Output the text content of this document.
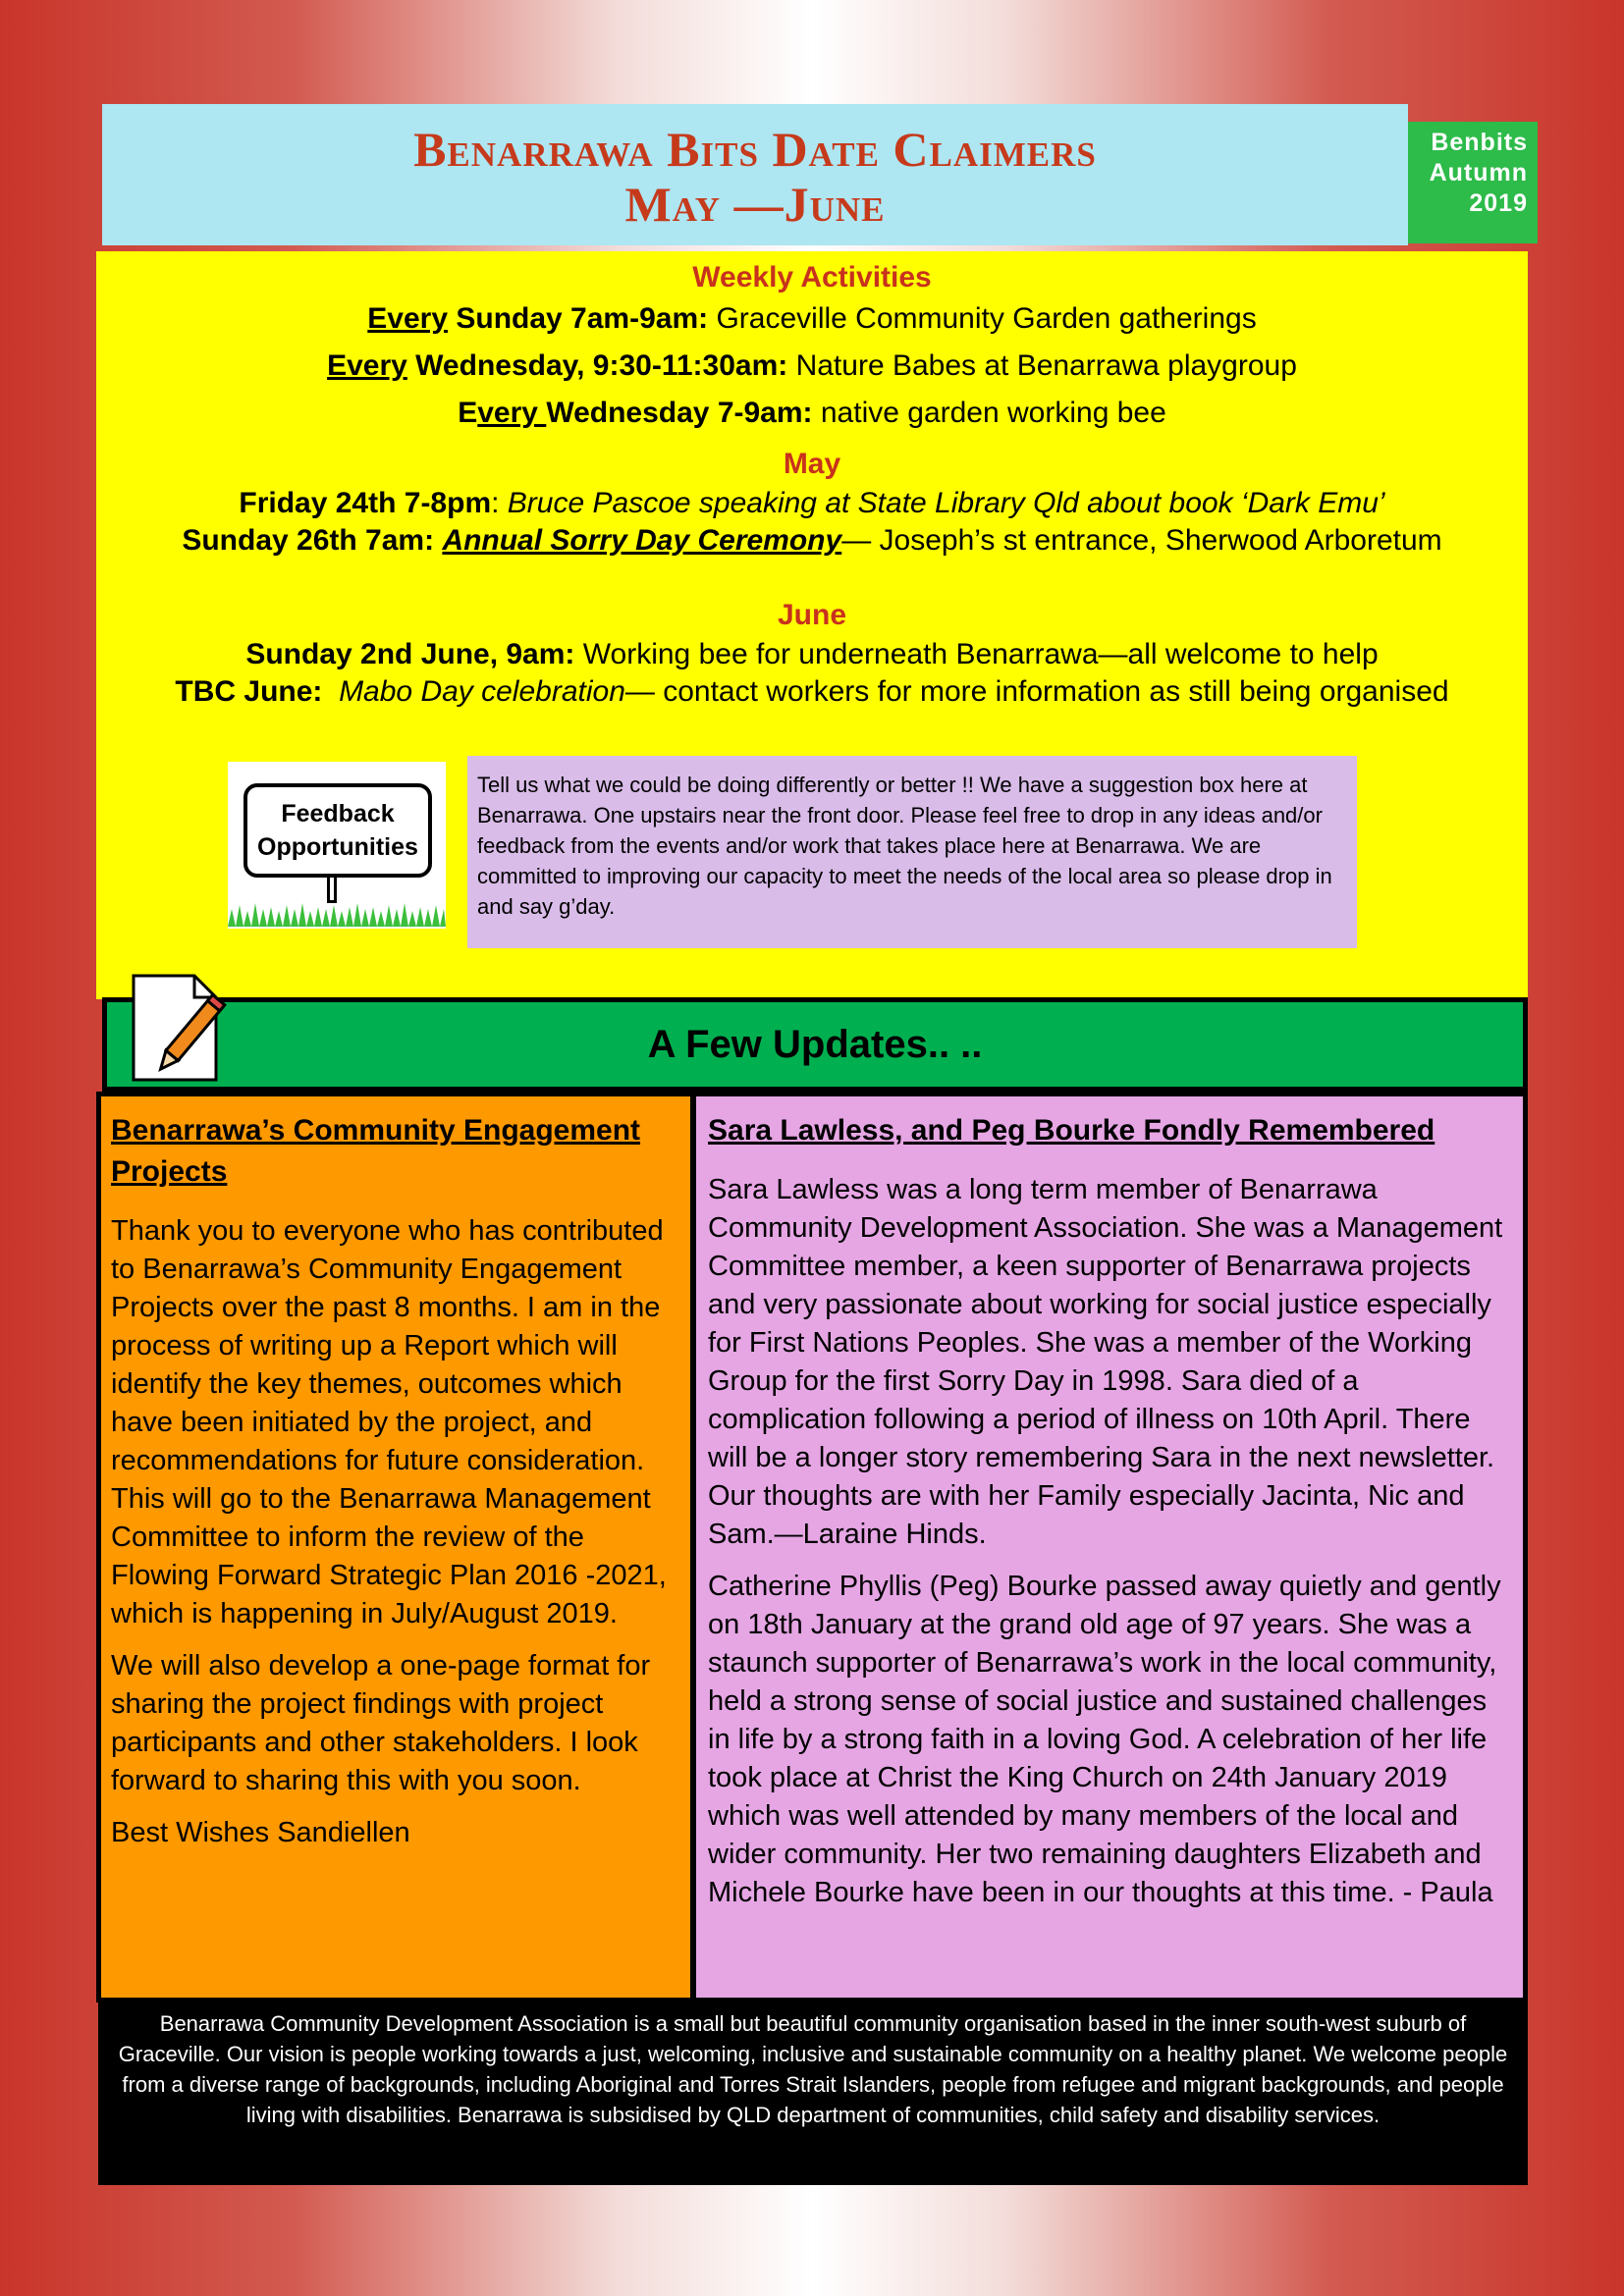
Benarrawa Bits Date Claimers
May —June
Benbits
Autumn
2019
Weekly Activities
Every Sunday 7am-9am: Graceville Community Garden gatherings
Every Wednesday, 9:30-11:30am: Nature Babes at Benarrawa playgroup
Every Wednesday 7-9am: native garden working bee
May
Friday 24th 7-8pm: Bruce Pascoe speaking at State Library Qld about book ‘Dark Emu’
Sunday 26th 7am: Annual Sorry Day Ceremony— Joseph’s st entrance, Sherwood Arboretum
June
Sunday 2nd June, 9am: Working bee for underneath Benarrawa—all welcome to help
TBC June: Mabo Day celebration— contact workers for more information as still being organised
Feedback
Opportunities
Tell us what we could be doing differently or better !! We have a suggestion box here at Benarrawa. One upstairs near the front door. Please feel free to drop in any ideas and/or feedback from the events and/or work that takes place here at Benarrawa. We are committed to improving our capacity to meet the needs of the local area so please drop in and say g’day.
A Few Updates.. ..

Benarrawa’s Community Engagement Projects

Thank you to everyone who has contributed to Benarrawa’s Community Engagement Projects over the past 8 months. I am in the process of writing up a Report which will identify the key themes, outcomes which have been initiated by the project, and recommendations for future consideration. This will go to the Benarrawa Management Committee to inform the review of the Flowing Forward Strategic Plan 2016 -2021, which is happening in July/August 2019.

We will also develop a one-page format for sharing the project findings with project participants and other stakeholders. I look forward to sharing this with you soon.

Best Wishes Sandiellen

Sara Lawless, and Peg Bourke Fondly Remembered

Sara Lawless was a long term member of Benarrawa Community Development Association. She was a Management Committee member, a keen supporter of Benarrawa projects and very passionate about working for social justice especially for First Nations Peoples. She was a member of the Working Group for the first Sorry Day in 1998. Sara died of a complication following a period of illness on 10th April. There will be a longer story remembering Sara in the next newsletter. Our thoughts are with her Family especially Jacinta, Nic and Sam.—Laraine Hinds.

Catherine Phyllis (Peg) Bourke passed away quietly and gently on 18th January at the grand old age of 97 years. She was a staunch supporter of Benarrawa’s work in the local community, held a strong sense of social justice and sustained challenges in life by a strong faith in a loving God. A celebration of her life took place at Christ the King Church on 24th January 2019 which was well attended by many members of the local and wider community. Her two remaining daughters Elizabeth and Michele Bourke have been in our thoughts at this time. - Paula

Benarrawa Community Development Association is a small but beautiful community organisation based in the inner south-west suburb of Graceville. Our vision is people working towards a just, welcoming, inclusive and sustainable community on a healthy planet. We welcome people from a diverse range of backgrounds, including Aboriginal and Torres Strait Islanders, people from refugee and migrant backgrounds, and people living with disabilities. Benarrawa is subsidised by QLD department of communities, child safety and disability services.
